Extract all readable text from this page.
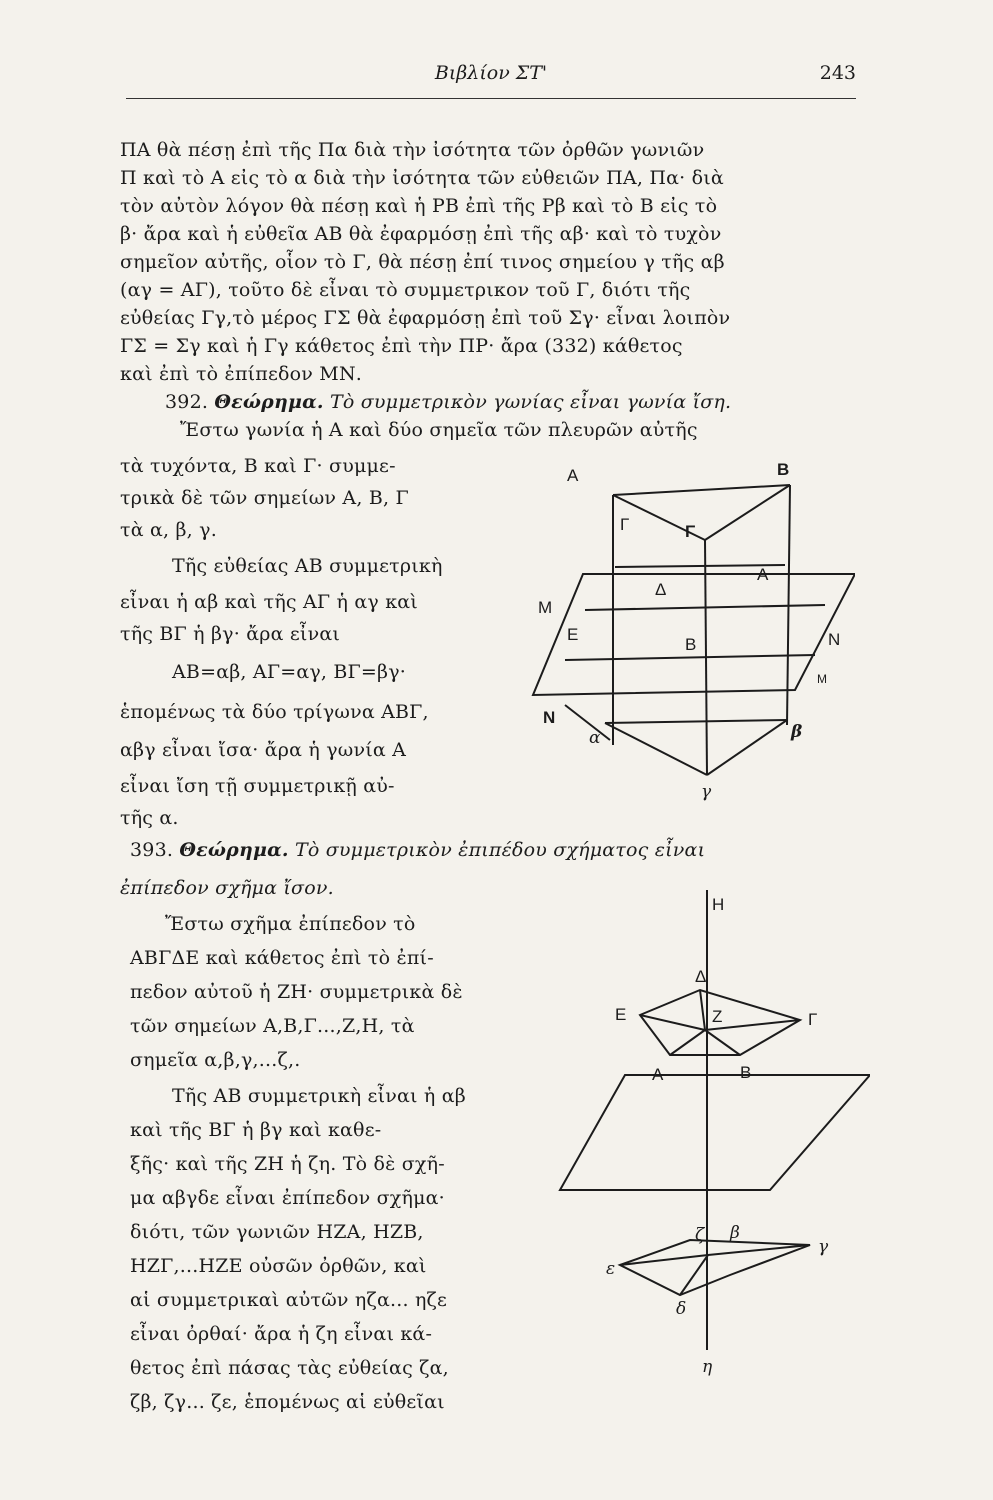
Βιβλίον ΣΤ'	243
ΠΑ θὰ πέσῃ ἐπὶ τῆς Πα διὰ τὴν ἰσότητα τῶν ὀρθῶν γωνιῶν
Π καὶ τὸ Α εἰς τὸ α διὰ τὴν ἰσότητα τῶν εὐθειῶν ΠΑ, Πα· διὰ
τὸν αὐτὸν λόγον θὰ πέσῃ καὶ ἡ ΡΒ ἐπὶ τῆς Ρβ καὶ τὸ Β εἰς τὸ
β· ἄρα καὶ ἡ εὐθεῖα ΑΒ θὰ ἐφαρμόσῃ ἐπὶ τῆς αβ· καὶ τὸ τυχὸν
σημεῖον αὐτῆς, οἷον τὸ Γ, θὰ πέσῃ ἐπί τινος σημείου γ τῆς αβ
(αγ = ΑΓ), τοῦτο δὲ εἶναι τὸ συμμετρικον τοῦ Γ, διότι τῆς
εὐθείας Γγ,τὸ μέρος ΓΣ θὰ ἐφαρμόσῃ ἐπὶ τοῦ Σγ· εἶναι λοιπὸν
ΓΣ = Σγ καὶ ἡ Γγ κάθετος ἐπὶ τὴν ΠΡ· ἄρα (332) κάθετος
καὶ ἐπὶ τὸ ἐπίπεδον ΜΝ.
392. Θεώρημα. Τὸ συμμετρικὸν γωνίας εἶναι γωνία ἴση.
Ἔστω γωνία ἡ Α καὶ δύο σημεῖα τῶν πλευρῶν αὐτῆς
τὰ τυχόντα, Β καὶ Γ· συμμε-
τρικὰ δὲ τῶν σημείων Α, Β, Γ
τὰ α, β, γ.
Τῆς εὐθείας ΑΒ συμμετρικὴ
εἶναι ἡ αβ καὶ τῆς ΑΓ ἡ αγ καὶ
τῆς ΒΓ ἡ βγ· ἄρα εἶναι
ΑΒ=αβ, ΑΓ=αγ, ΒΓ=βγ·
ἑπομένως τὰ δύο τρίγωνα ΑΒΓ,
αβγ εἶναι ἴσα· ἄρα ἡ γωνία Α
εἶναι ἴση τῇ συμμετρικῇ αὐ-
τῆς α.
A	B
Γ
Γ
Δ
Α
Ε
Β
M
N
N
M
α	β
γ
393. Θεώρημα. Τὸ συμμετρικὸν ἐπιπέδου σχήματος εἶναι
ἐπίπεδον σχῆμα ἴσον.
Ἔστω σχῆμα ἐπίπεδον τὸ
ΑΒΓΔΕ καὶ κάθετος ἐπὶ τὸ ἐπί-
πεδον αὐτοῦ ἡ ΖΗ· συμμετρικὰ δὲ
τῶν σημείων Α,Β,Γ...,Ζ,Η, τὰ
σημεῖα α,β,γ,...ζ,.
Τῆς ΑΒ συμμετρικὴ εἶναι ἡ αβ
καὶ τῆς ΒΓ ἡ βγ καὶ καθε-
ξῆς· καὶ τῆς ΖΗ ἡ ζη. Τὸ δὲ σχῆ-
μα αβγδε εἶναι ἐπίπεδον σχῆμα·
διότι, τῶν γωνιῶν ΗΖΑ, ΗΖΒ,
ΗΖΓ,...ΗΖΕ οὐσῶν ὀρθῶν, καὶ
αἱ συμμετρικαὶ αὐτῶν ηζα... ηζε
εἶναι ὀρθαί· ἄρα ἡ ζη εἶναι κά-
θετος ἐπὶ πάσας τὰς εὐθείας ζα,
ζβ, ζγ... ζε, ἑπομένως αἱ εὐθεῖαι
H
Δ
E	Z	Γ
A	B
ζ β
ε
γ
δ
η
